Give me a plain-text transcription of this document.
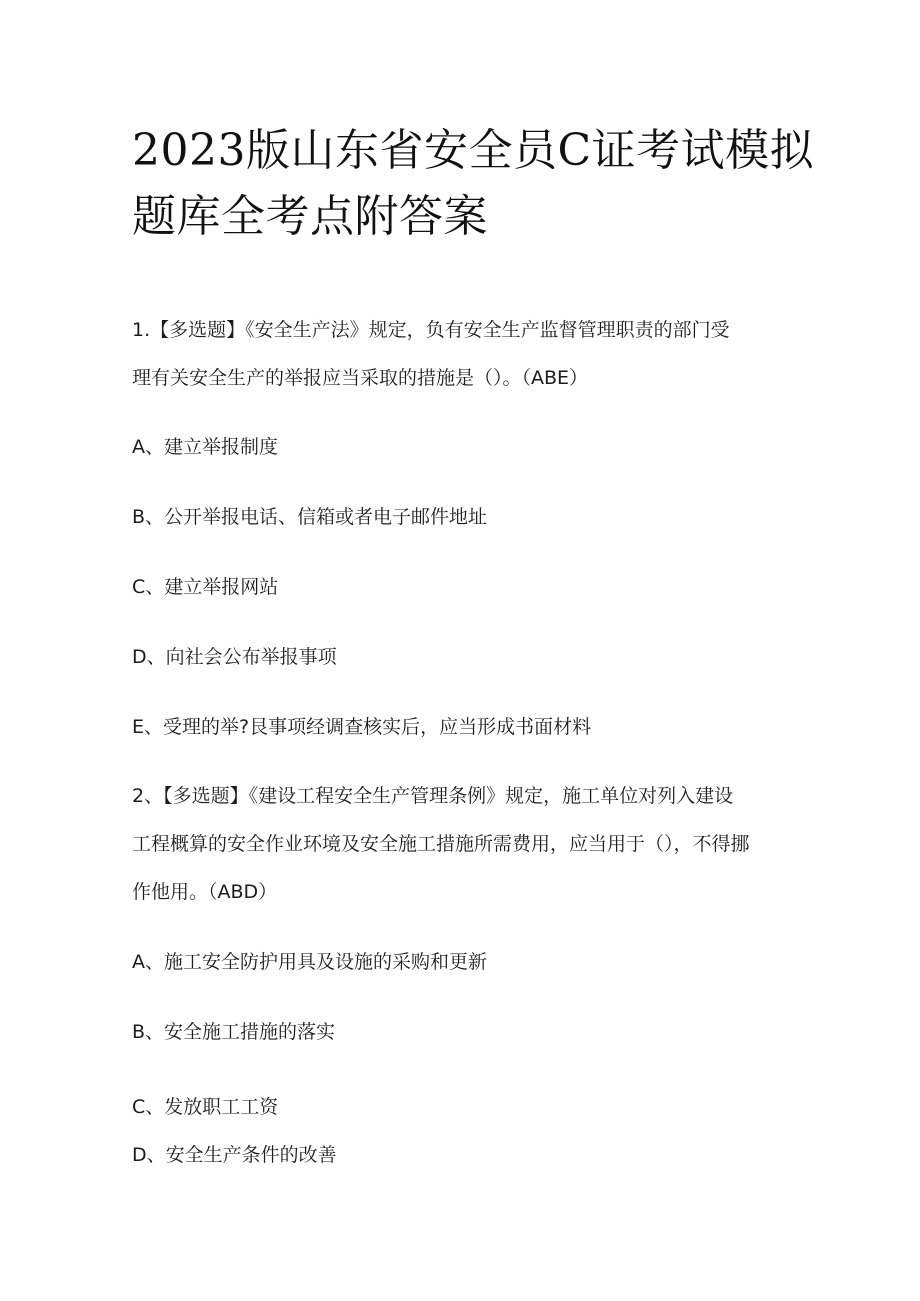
2023版山东省安全员C证考试模拟
题库全考点附答案

1.【多选题】《安全生产法》规定，负有安全生产监督管理职责的部门受

理有关安全生产的举报应当采取的措施是（）。（ABE）

A、建立举报制度

B、公开举报电话、信箱或者电子邮件地址

C、建立举报网站

D、向社会公布举报事项

E、受理的举?艮事项经调查核实后，应当形成书面材料

2、【多选题】《建设工程安全生产管理条例》规定，施工单位对列入建设

工程概算的安全作业环境及安全施工措施所需费用，应当用于（），不得挪

作他用。（ABD）

A、施工安全防护用具及设施的采购和更新

B、安全施工措施的落实

C、发放职工工资

D、安全生产条件的改善
